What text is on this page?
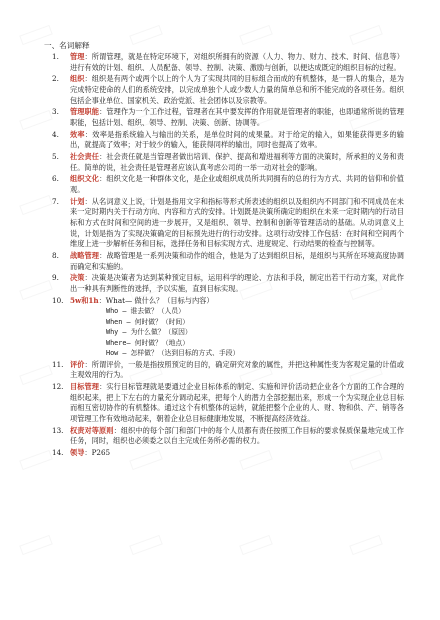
一、名词解释
1.	管理：所谓管理，就是在特定环境下，对组织所拥有的资源（人力、物力、财力、技术、时间、信息等）进行有效的计划、组织、人员配备、领导、控制、决策、激励与创新，以便达成既定的组织目标的过程。
2.	组织：组织是有两个或两个以上的个人为了实现共同的目标组合而成的有机整体，是一群人的集合，是为完成特定使命的人们的系统安排，以完成单独个人或少数人力量的简单总和所不能完成的各项任务。组织包括企事业单位、国家机关、政治党派、社会团体以及宗教等。
3.	管理职能：管理作为一个工作过程，管理者在其中要发挥的作用就是管理者的职能，也即通常所说的管理职能，包括计划、组织、领导、控制、决策、创新、协调等。
4.	效率：效率是指系统输入与输出的关系，是单位时间的成果量。对于给定的输入，如果能获得更多的输出，就提高了效率；对于较少的输入，能获得同样的输出，同时也提高了效率。
5.	社会责任：社会责任就是当管理者做出培训、保护、提高和增进福利等方面的决策时，所承担的义务和责任。简单的说，社会责任是管理者应该认真考虑公司的一举一动对社会的影响。
6.	组织文化：组织文化是一种群体文化，是企业或组织成员所共同拥有的总的行为方式、共同的信仰和价值观。
7.	计划：从名词意义上说，计划是指用文字和指标等形式所表述的组织以及组织内不同部门和不同成员在未来一定时期内关于行动方向、内容和方式的安排。计划既是决策所确定的组织在未来一定时期内的行动目标和方式在时间和空间的进一步展开，又是组织、领导、控制和创新等管理活动的基础。从动词意义上说，计划是指为了实现决策确定的目标预先进行的行动安排。这项行动安排工作包括：在时间和空间两个维度上进一步解析任务和目标，选择任务和目标实现方式、进度规定、行动结果的检查与控制等。
8.	战略管理：战略管理是一系列决策和动作的组合，他是为了达到组织目标，是组织与其所在环境高度协调而确定和实施的。
9.	决策：决策是决策者为达到某种预定目标，运用科学的理论、方法和手段，制定出若干行动方案，对此作出一种具有判断性的选择，予以实施，直到目标实现。
10. 5w和1h：What— 做什么？（目标与内容）
Who — 谁去做？（人员）
When — 何时做？（时间）
Why — 为什么做？（原因）
Where— 何时做？（地点）
How — 怎样做？（达到目标的方式、手段）
11. 评价：所谓评价，一般是指按照预定的目的，确定研究对象的属性，并把这种属性变为客观定量的计值或主观效用的行为。
12. 目标管理：实行目标管理就是要通过企业目标体系的制定、实施和评价活动把企业各个方面的工作合理的组织起来，把上下左右的力量充分调动起来，把每个人的潜力全部挖掘出来，形成一个为实现企业总目标而相互密切协作的有机整体。通过这个有机整体的运转，就能把整个企业的人、财、物和供、产、销等各项管理工作有效地动起来，朝着企业总目标健康地发展，不断提高经济效益。
13. 权责对等原则：组织中的每个部门和部门中的每个人员都有责任按照工作目标的要求保质保量地完成工作任务，同时，组织也必须委之以自主完成任务所必需的权力。
14. 领导：P265
